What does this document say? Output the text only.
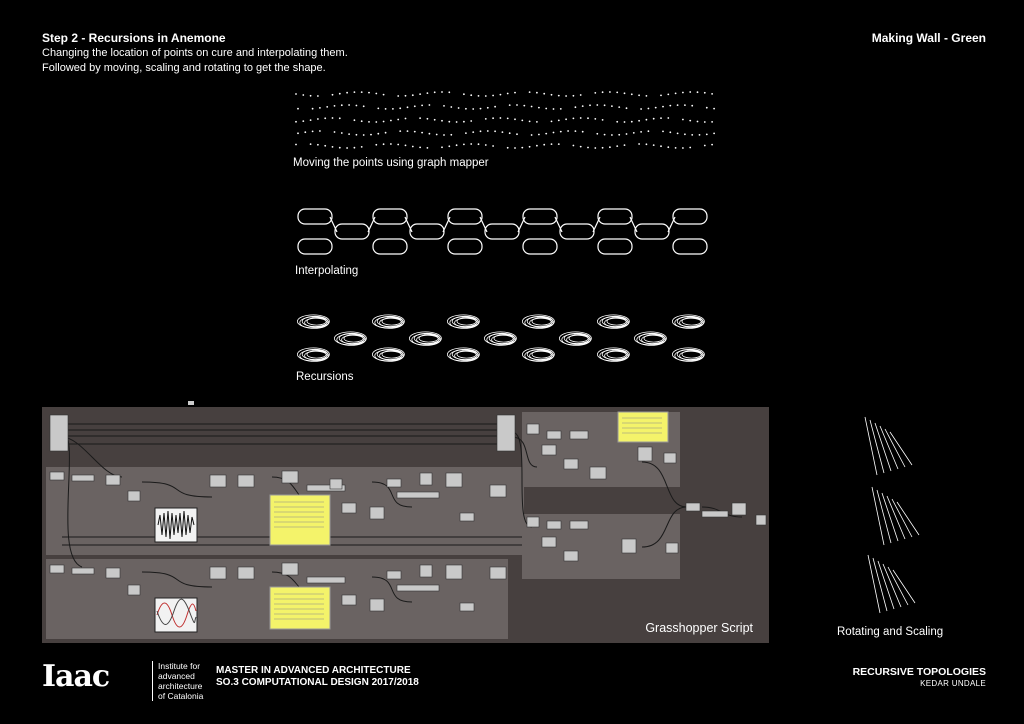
Step 2 - Recursions in Anemone
Changing the location of points on cure and interpolating them.
Followed by moving, scaling and rotating to get the shape.
Making Wall - Green
Moving the points using graph mapper
Interpolating
Recursions
Grasshopper Script	Rotating and Scaling
Iaac	Institute for
advanced
architecture
of Catalonia
MASTER IN ADVANCED ARCHITECTURE
SO.3 COMPUTATIONAL DESIGN 2017/2018
RECURSIVE TOPOLOGIES
KEDAR UNDALE
